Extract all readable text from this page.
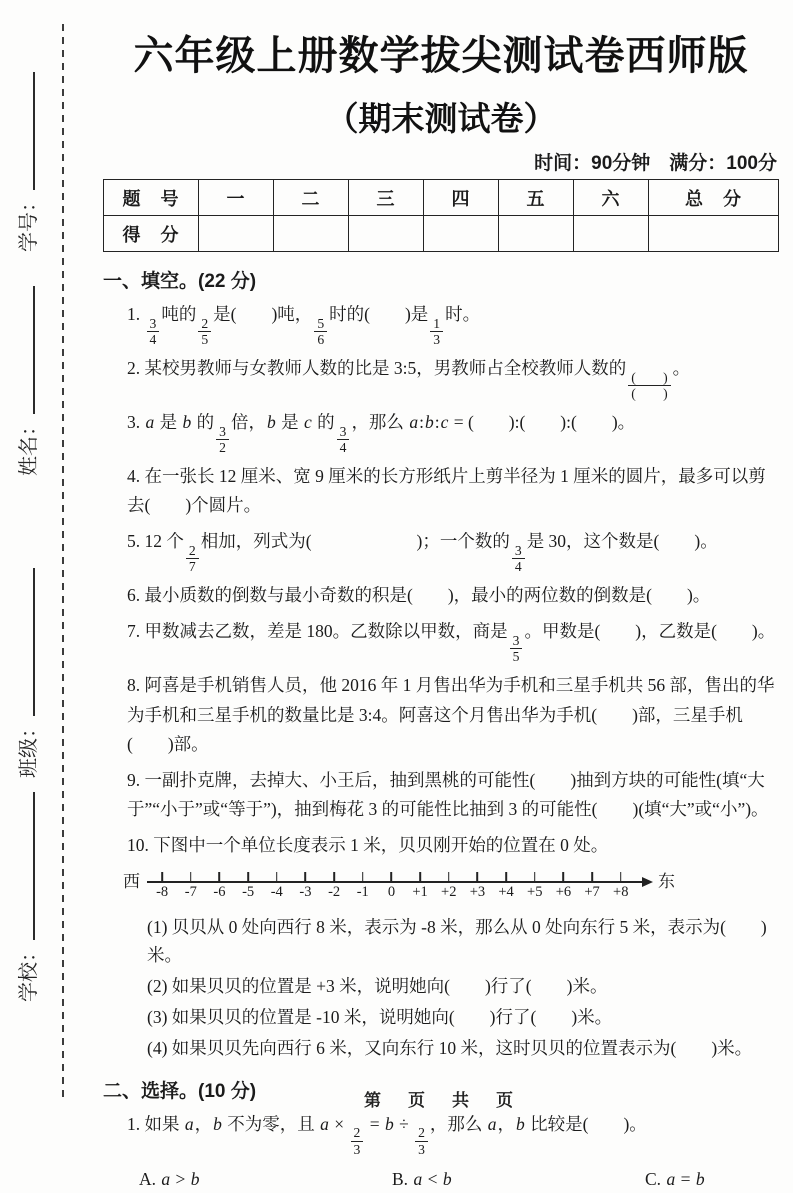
学号：
姓名：
班级：
学校：
六年级上册数学拔尖测试卷西师版
（期末测试卷）
时间：90分钟　满分：100分
题　号	一	二	三	四	五	六	总　分
得　分							
一、填空。(22 分)
1.
$\frac{3}{4}$
吨的
$\frac{2}{5}$
是(　　)吨，
$\frac{5}{6}$
时的(　　)是
$\frac{1}{3}$
时。
2. 某校男教师与女教师人数的比是 3:5，男教师占全校教师人数的
$\frac{( )}{( )}$
。
3. a 是 b 的
$\frac{3}{2}$
倍，b 是 c 的
$\frac{3}{4}$
，那么 a:b:c = (　　):(　　):(　　)。
4. 在一张长 12 厘米、宽 9 厘米的长方形纸片上剪半径为 1 厘米的圆片，最多可以剪去(　　)个圆片。
5. 12 个
$\frac{2}{7}$
相加，列式为(　　　　　　)；一个数的
$\frac{3}{4}$
是 30，这个数是(　　)。
6. 最小质数的倒数与最小奇数的积是(　　)，最小的两位数的倒数是(　　)。
7. 甲数减去乙数，差是 180。乙数除以甲数，商是
$\frac{3}{5}$
。甲数是(　　)，乙数是(　　)。
8. 阿喜是手机销售人员，他 2016 年 1 月售出华为手机和三星手机共 56 部，售出的华为手机和三星手机的数量比是 3:4。阿喜这个月售出华为手机(　　)部，三星手机(　　)部。
9. 一副扑克牌，去掉大、小王后，抽到黑桃的可能性(　　)抽到方块的可能性(填“大于”“小于”或“等于”)，抽到梅花 3 的可能性比抽到 3 的可能性(　　)(填“大”或“小”)。
10. 下图中一个单位长度表示 1 米，贝贝刚开始的位置在 0 处。
西
-8 -7 -6 -5 -4 -3 -2 -1 0 +1 +2 +3 +4 +5 +6 +7 +8
东
(1) 贝贝从 0 处向西行 8 米，表示为 -8 米，那么从 0 处向东行 5 米，表示为(　　)米。
(2) 如果贝贝的位置是 +3 米，说明她向(　　)行了(　　)米。
(3) 如果贝贝的位置是 -10 米，说明她向(　　)行了(　　)米。
(4) 如果贝贝先向西行 6 米，又向东行 10 米，这时贝贝的位置表示为(　　)米。
二、选择。(10 分)
1. 如果 a，b 不为零，且 a ×
$\frac{2}{3}$
= b ÷
$\frac{2}{3}$
，那么 a，b 比较是(　　)。
A. a > b	B. a < b	C. a = b
第　页　共　页
